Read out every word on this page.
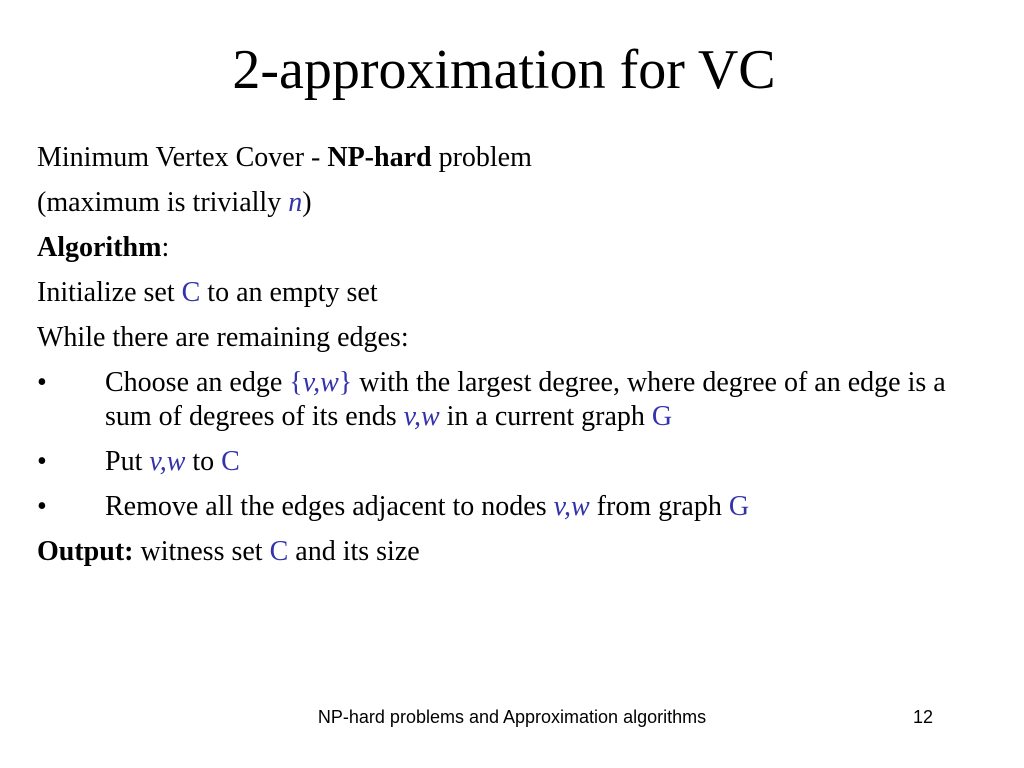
2-approximation for VC
Minimum Vertex Cover - NP-hard problem
(maximum is trivially n)
Algorithm:
Initialize set C to an empty set
While there are remaining edges:
•	Choose an edge {v,w} with the largest degree, where degree of an edge is a sum of degrees of its ends v,w in a current graph G
•	Put v,w to C
•	Remove all the edges adjacent to nodes v,w from graph G
Output: witness set C and its size
NP-hard problems and Approximation algorithms	12
